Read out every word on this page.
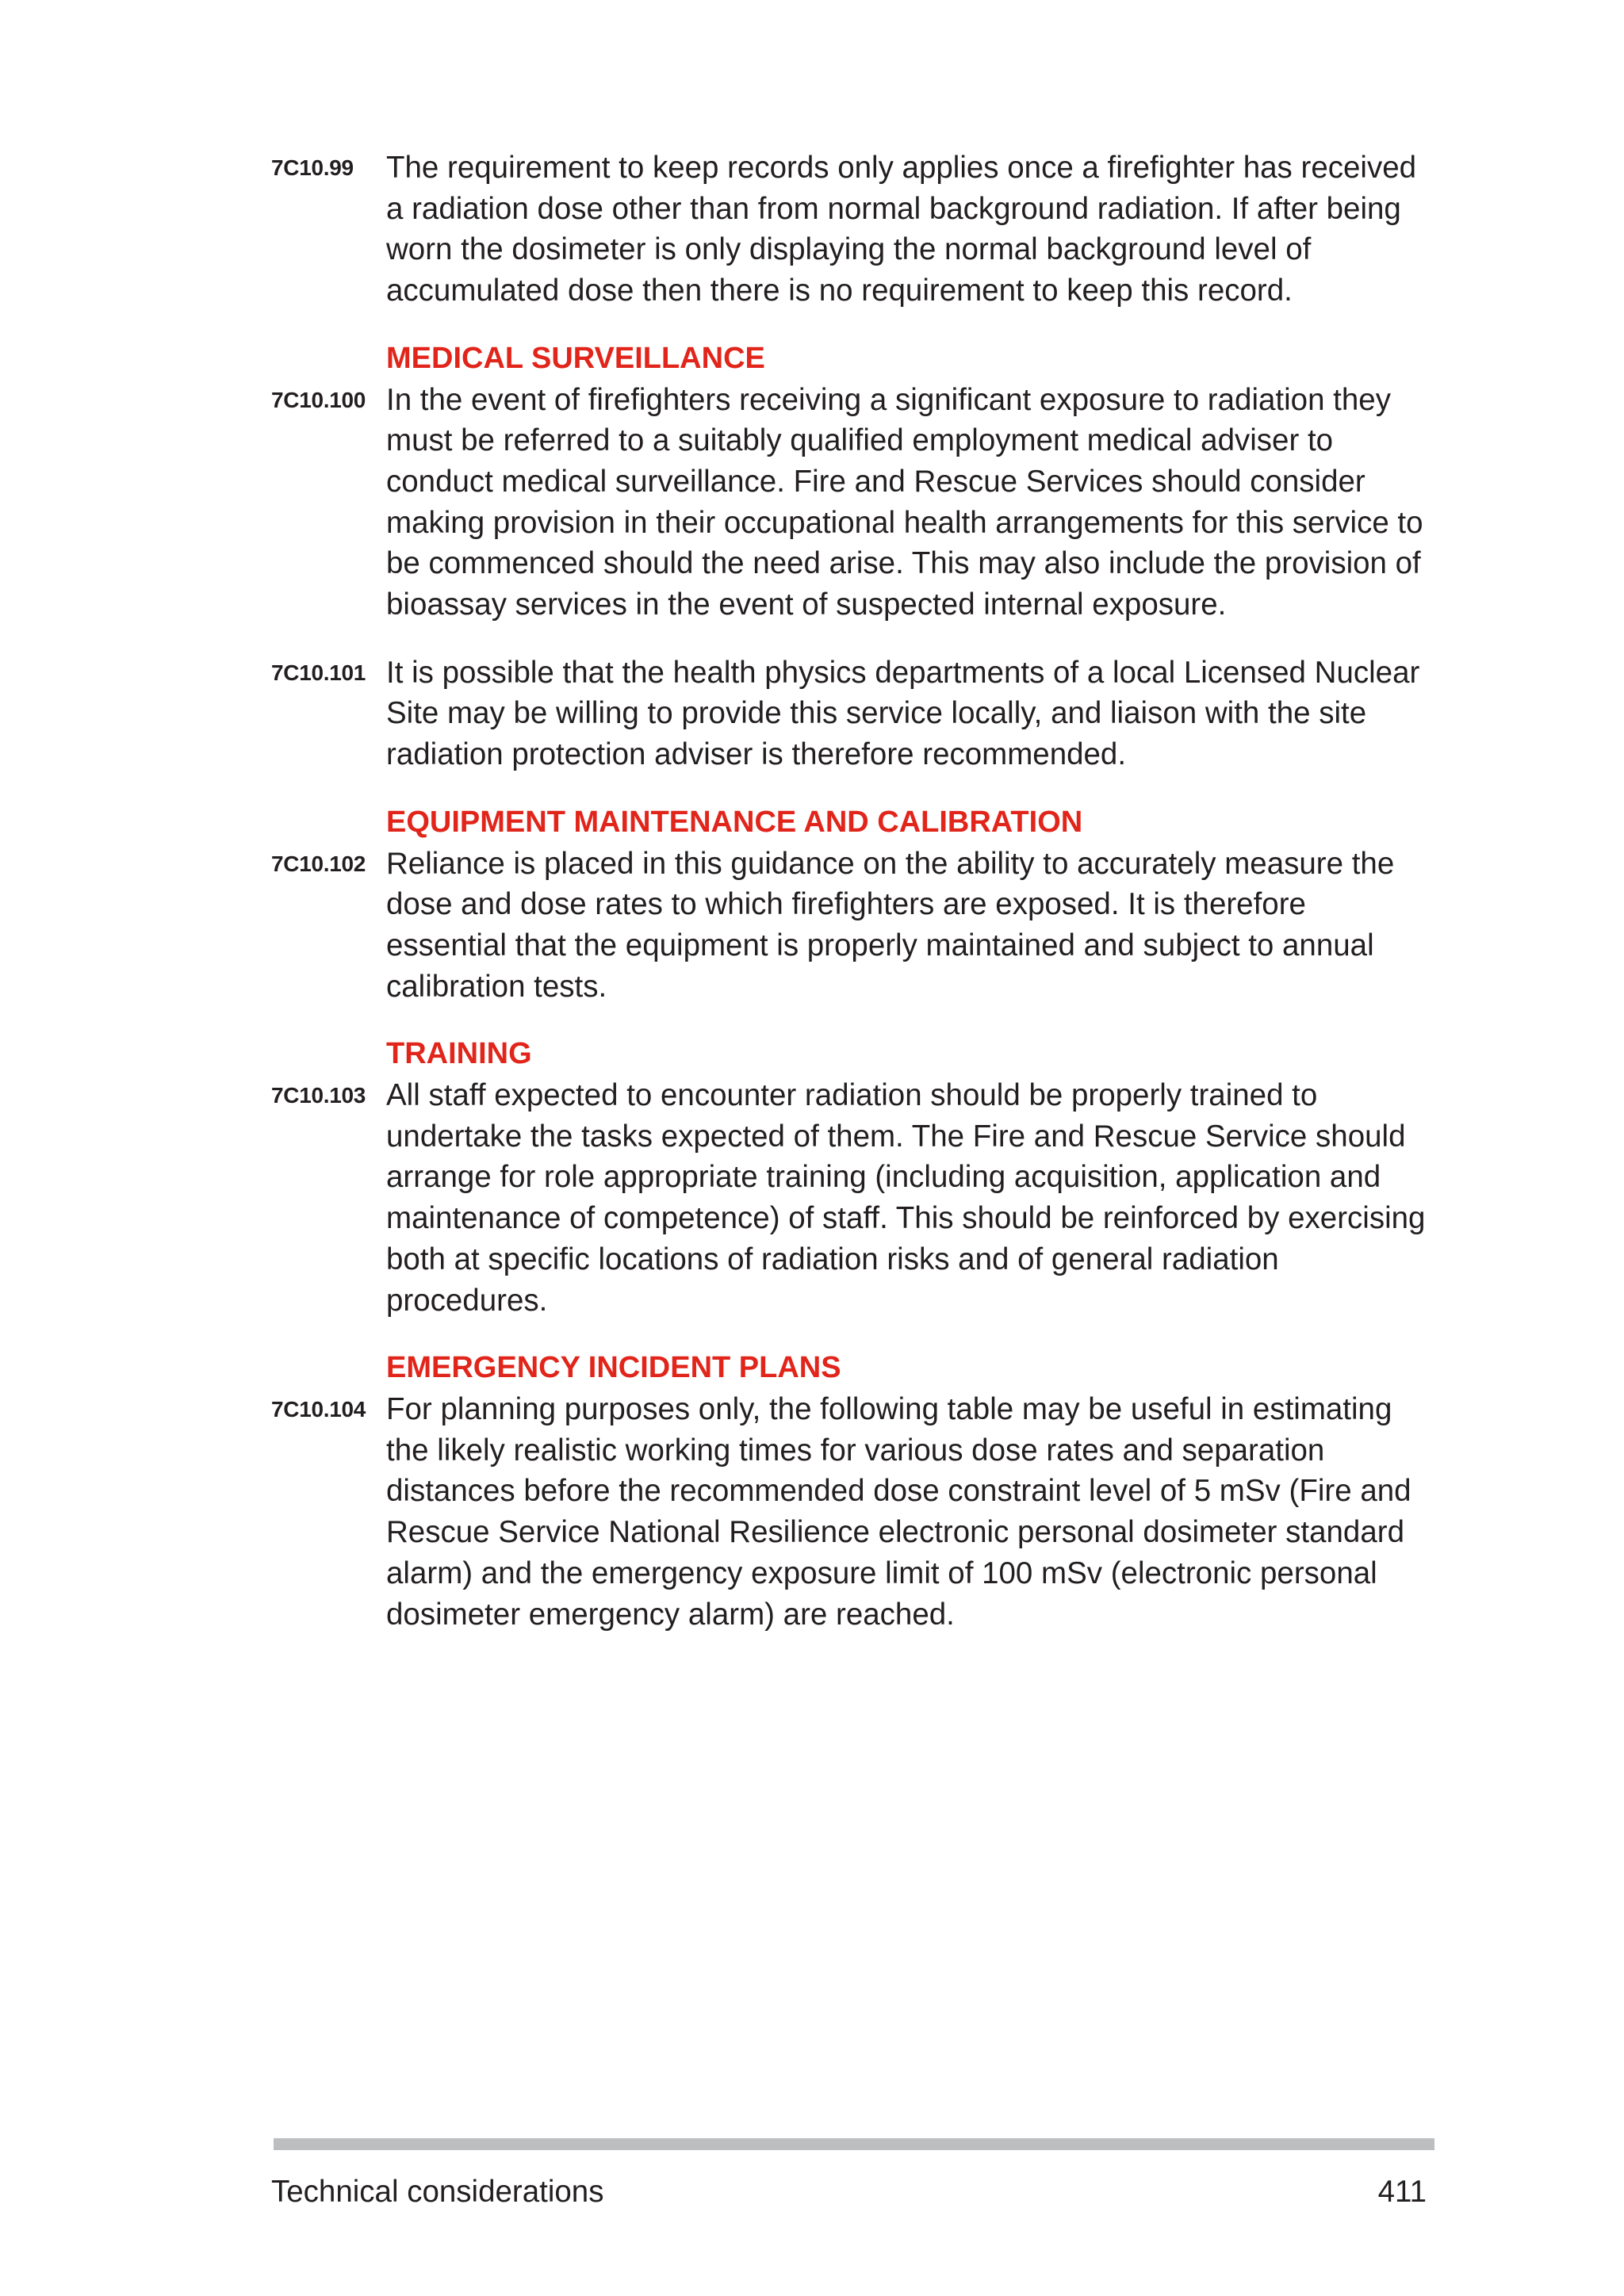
7C10.99 The requirement to keep records only applies once a firefighter has received a radiation dose other than from normal background radiation. If after being worn the dosimeter is only displaying the normal background level of accumulated dose then there is no requirement to keep this record.
MEDICAL SURVEILLANCE
7C10.100 In the event of firefighters receiving a significant exposure to radiation they must be referred to a suitably qualified employment medical adviser to conduct medical surveillance. Fire and Rescue Services should consider making provision in their occupational health arrangements for this service to be commenced should the need arise. This may also include the provision of bioassay services in the event of suspected internal exposure.
7C10.101 It is possible that the health physics departments of a local Licensed Nuclear Site may be willing to provide this service locally, and liaison with the site radiation protection adviser is therefore recommended.
EQUIPMENT MAINTENANCE AND CALIBRATION
7C10.102 Reliance is placed in this guidance on the ability to accurately measure the dose and dose rates to which firefighters are exposed. It is therefore essential that the equipment is properly maintained and subject to annual calibration tests.
TRAINING
7C10.103 All staff expected to encounter radiation should be properly trained to undertake the tasks expected of them. The Fire and Rescue Service should arrange for role appropriate training (including acquisition, application and maintenance of competence) of staff. This should be reinforced by exercising both at specific locations of radiation risks and of general radiation procedures.
EMERGENCY INCIDENT PLANS
7C10.104 For planning purposes only, the following table may be useful in estimating the likely realistic working times for various dose rates and separation distances before the recommended dose constraint level of 5 mSv (Fire and Rescue Service National Resilience electronic personal dosimeter standard alarm) and the emergency exposure limit of 100 mSv (electronic personal dosimeter emergency alarm) are reached.
Technical considerations	411
